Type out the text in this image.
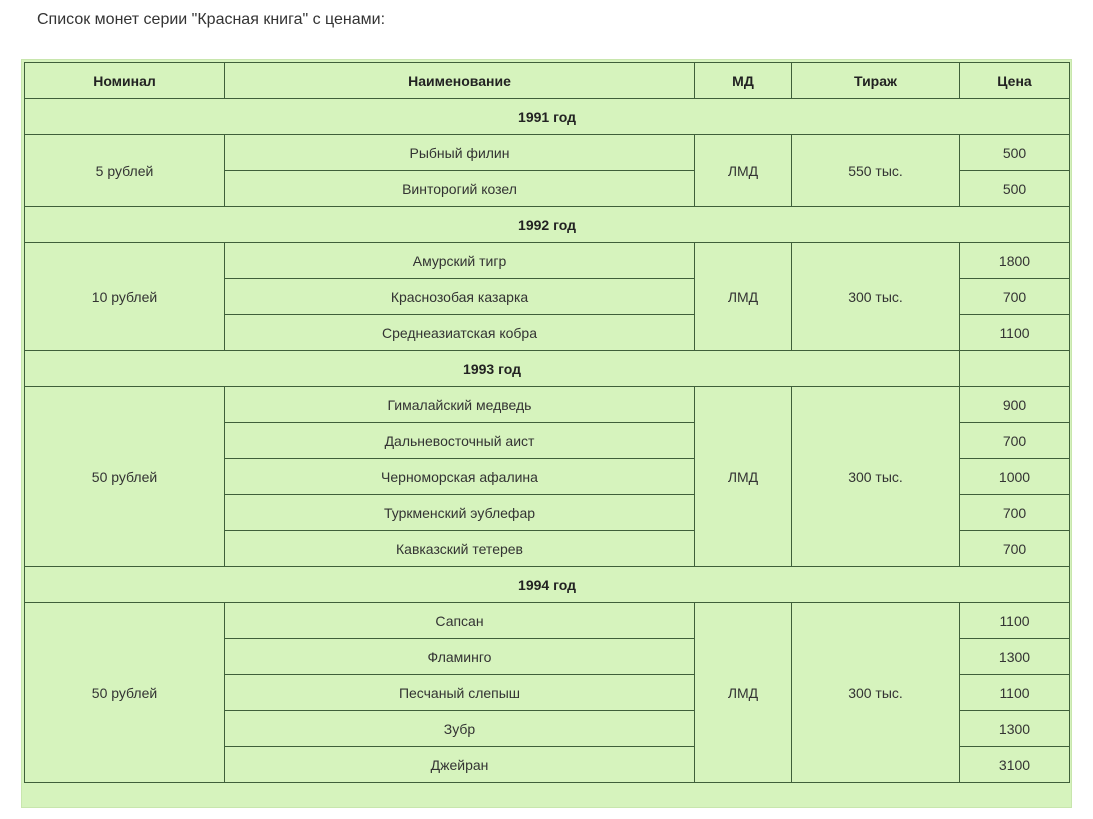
Список монет серии "Красная книга" с ценами:

Номинал	Наименование	МД	Тираж	Цена
1991 год				
5 рублей	Рыбный филин	ЛМД	550 тыс.	500
	Винторогий козел			500
1992 год				
10 рублей	Амурский тигр	ЛМД	300 тыс.	1800
	Краснозобая казарка			700
	Среднеазиатская кобра			1100
1993 год				
50 рублей	Гималайский медведь	ЛМД	300 тыс.	900
	Дальневосточный аист			700
	Черноморская афалина			1000
	Туркменский эублефар			700
	Кавказский тетерев			700
1994 год				
50 рублей	Сапсан	ЛМД	300 тыс.	1100
	Фламинго			1300
	Песчаный слепыш			1100
	Зубр			1300
	Джейран			3100
